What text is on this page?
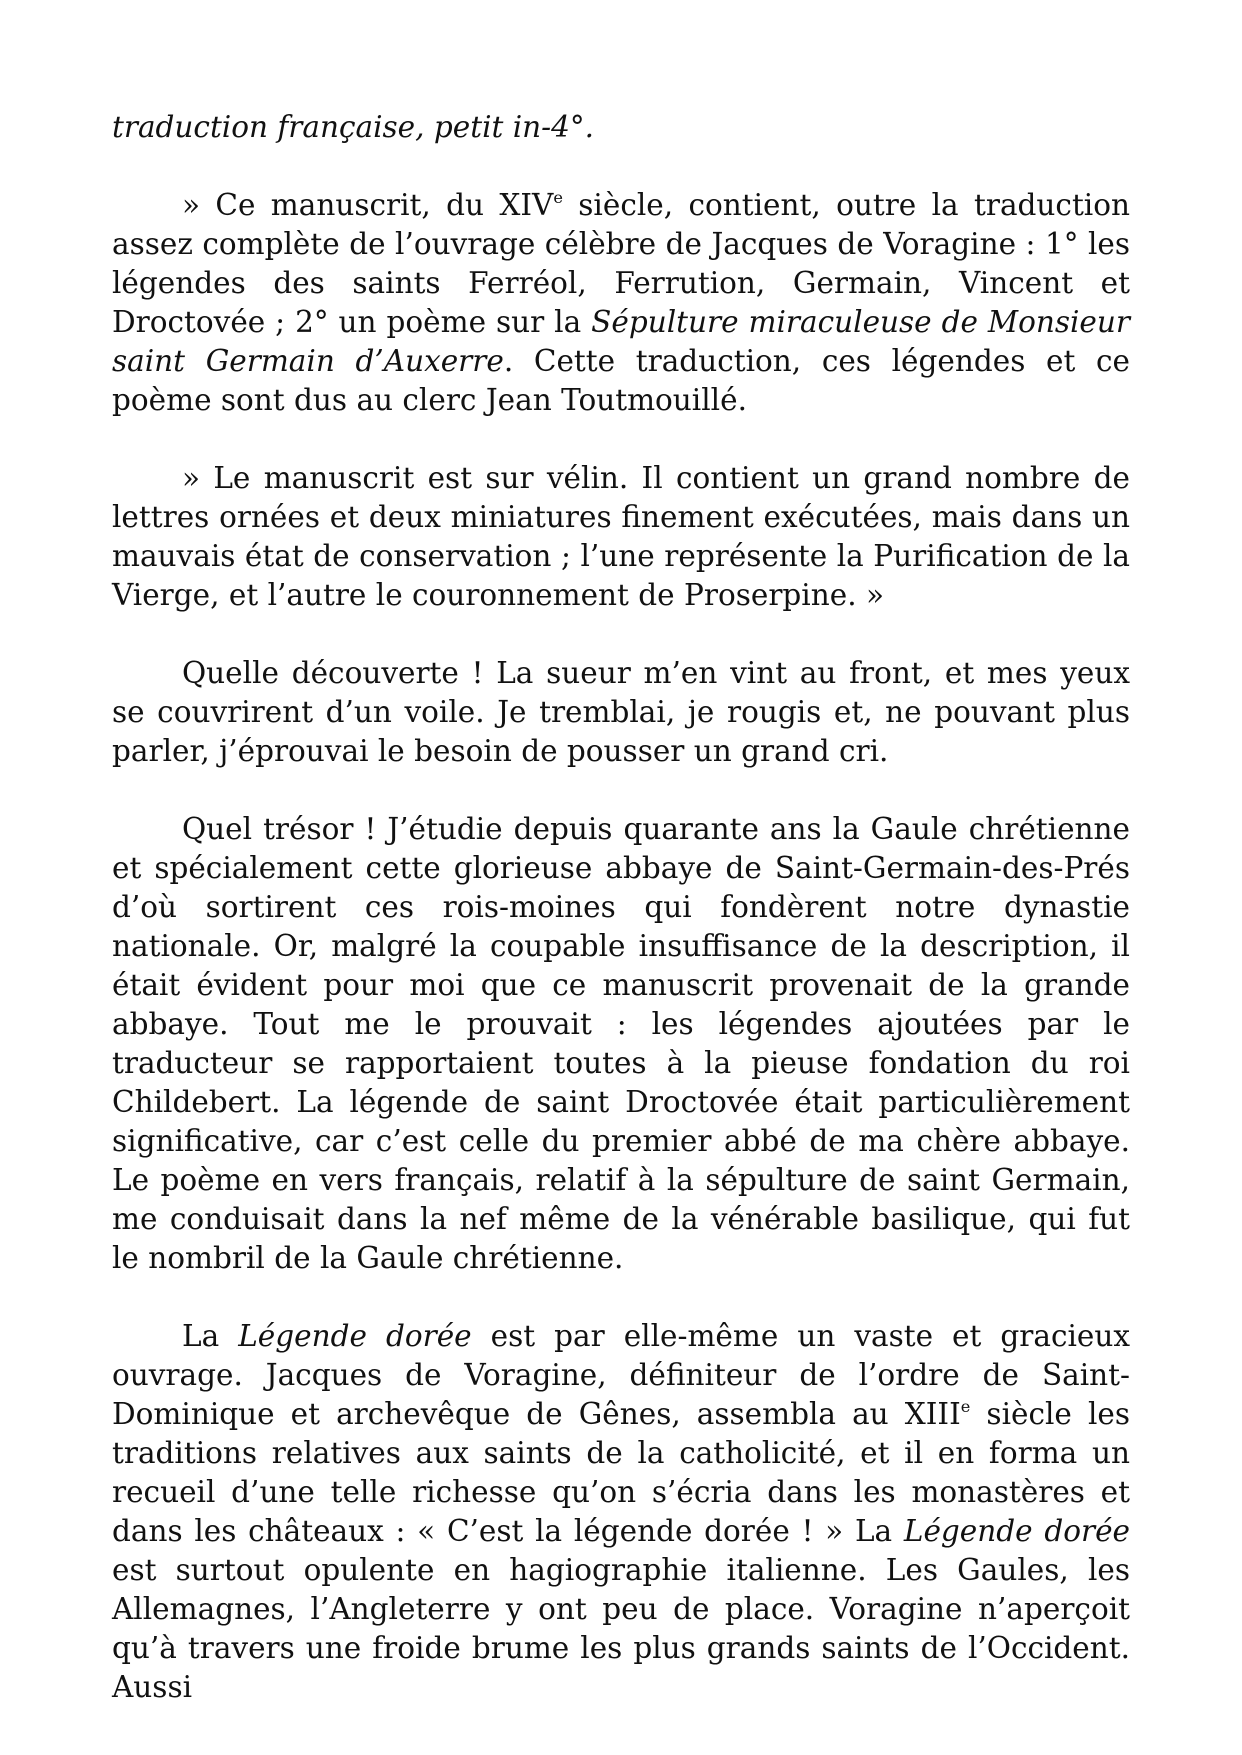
traduction française, petit in-4°.

» Ce manuscrit, du XIVe siècle, contient, outre la traduction assez complète de l’ouvrage célèbre de Jacques de Voragine : 1° les légendes des saints Ferréol, Ferrution, Germain, Vincent et Droctovée ; 2° un poème sur la Sépulture miraculeuse de Monsieur saint Germain d’Auxerre. Cette traduction, ces légendes et ce poème sont dus au clerc Jean Toutmouillé.

» Le manuscrit est sur vélin. Il contient un grand nombre de lettres ornées et deux miniatures finement exécutées, mais dans un mauvais état de conservation ; l’une représente la Purification de la Vierge, et l’autre le couronnement de Proserpine. »

Quelle découverte ! La sueur m’en vint au front, et mes yeux se couvrirent d’un voile. Je tremblai, je rougis et, ne pouvant plus parler, j’éprouvai le besoin de pousser un grand cri.

Quel trésor ! J’étudie depuis quarante ans la Gaule chrétienne et spécialement cette glorieuse abbaye de Saint-Germain-des-Prés d’où sortirent ces rois-moines qui fondèrent notre dynastie nationale. Or, malgré la coupable insuffisance de la description, il était évident pour moi que ce manuscrit provenait de la grande abbaye. Tout me le prouvait : les légendes ajoutées par le traducteur se rapportaient toutes à la pieuse fondation du roi Childebert. La légende de saint Droctovée était particulièrement significative, car c’est celle du premier abbé de ma chère abbaye. Le poème en vers français, relatif à la sépulture de saint Germain, me conduisait dans la nef même de la vénérable basilique, qui fut le nombril de la Gaule chrétienne.

La Légende dorée est par elle-même un vaste et gracieux ouvrage. Jacques de Voragine, définiteur de l’ordre de Saint-Dominique et archevêque de Gênes, assembla au XIIIe siècle les traditions relatives aux saints de la catholicité, et il en forma un recueil d’une telle richesse qu’on s’écria dans les monastères et dans les châteaux : « C’est la légende dorée ! » La Légende dorée est surtout opulente en hagiographie italienne. Les Gaules, les Allemagnes, l’Angleterre y ont peu de place. Voragine n’aperçoit qu’à travers une froide brume les plus grands saints de l’Occident. Aussi
